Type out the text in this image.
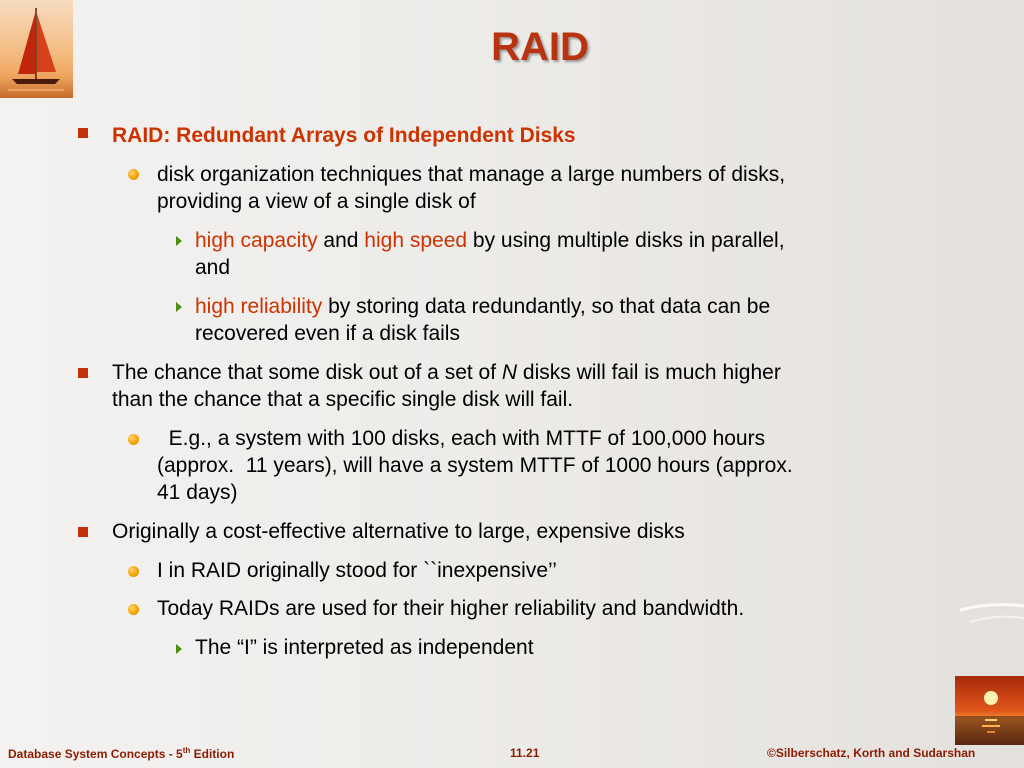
RAID
RAID: Redundant Arrays of Independent Disks
disk organization techniques that manage a large numbers of disks,
providing a view of a single disk of
high capacity and high speed by using multiple disks in parallel,
and
high reliability by storing data redundantly, so that data can be
recovered even if a disk fails
The chance that some disk out of a set of N disks will fail is much higher
than the chance that a specific single disk will fail.
E.g., a system with 100 disks, each with MTTF of 100,000 hours
(approx.  11 years), will have a system MTTF of 1000 hours (approx.
41 days)
Originally a cost-effective alternative to large, expensive disks
I in RAID originally stood for ``inexpensive’’
Today RAIDs are used for their higher reliability and bandwidth.
The “I” is interpreted as independent
Database System Concepts - 5th Edition	11.21	©Silberschatz, Korth and Sudarshan
